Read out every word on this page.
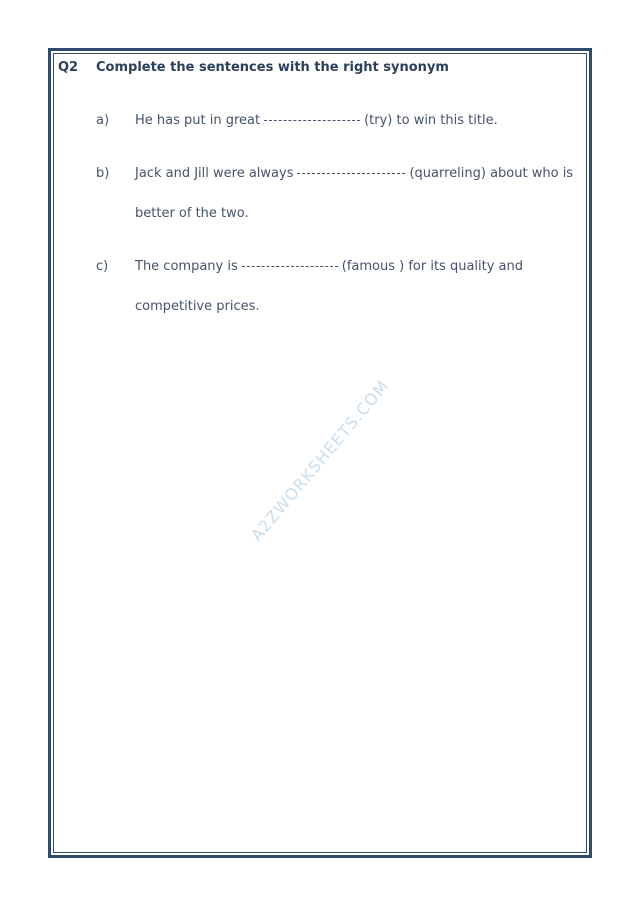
Q2 Complete the sentences with the right synonym
a) He has put in great	(try) to win this title.
b) Jack and Jill were always	(quarreling) about who is
better of the two.
c) The company is	(famous ) for its quality and
competitive prices.
A2ZWORKSHEETS.COM
